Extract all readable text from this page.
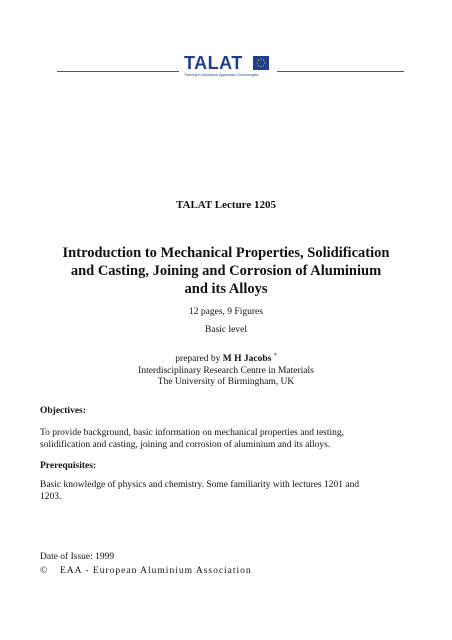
TALAT
Training in Aluminium Application Technologies
TALAT Lecture 1205
Introduction to Mechanical Properties, Solidification
and Casting, Joining and Corrosion of Aluminium
and its Alloys
12 pages, 9 Figures
Basic level
prepared by M H Jacobs *
Interdisciplinary Research Centre in Materials
The University of Birmingham, UK
Objectives:
To provide background, basic information on mechanical properties and testing,
solidification and casting, joining and corrosion of aluminium and its alloys.
Prerequisites:
Basic knowledge of physics and chemistry. Some familiarity with lectures 1201 and
1203.
Date of Issue: 1999
© EAA - European Aluminium Association
